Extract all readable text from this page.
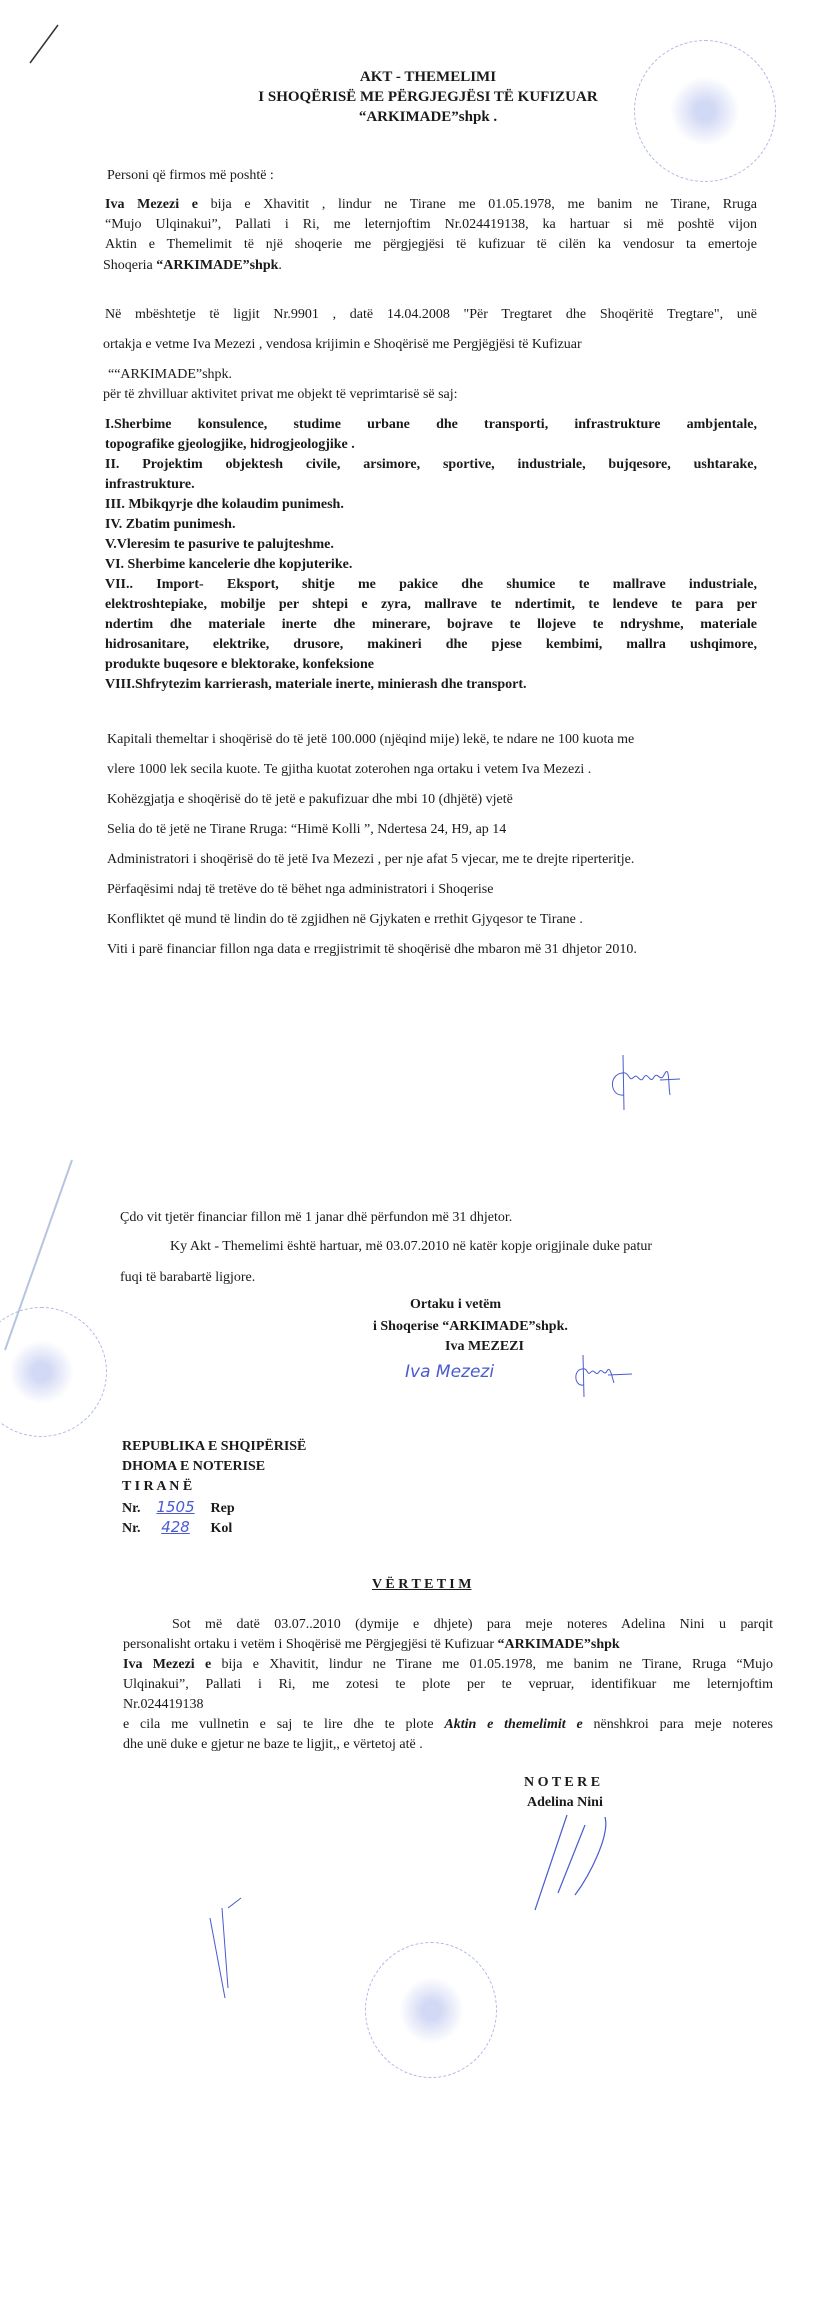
AKT - THEMELIMI
I SHOQËRISË ME PËRGJEGJËSI TË KUFIZUAR
“ARKIMADE”shpk .
Personi që firmos më poshtë :
Iva Mezezi e bija e Xhavitit , lindur ne Tirane me 01.05.1978, me banim ne Tirane, Rruga
“Mujo Ulqinakui”, Pallati i Ri, me leternjoftim Nr.024419138, ka hartuar si më poshtë vijon
Aktin e Themelimit të një shoqerie me përgjegjësi të kufizuar të cilën ka vendosur ta emertoje
Shoqeria “ARKIMADE”shpk.
Në mbështetje të ligjit Nr.9901 , datë 14.04.2008 "Për Tregtaret dhe Shoqëritë Tregtare", unë
ortakja e vetme Iva Mezezi , vendosa krijimin e Shoqërisë me Pergjëgjësi të Kufizuar
““ARKIMADE”shpk.
për të zhvilluar aktivitet privat me objekt të veprimtarisë së saj:
I.Sherbime konsulence, studime urbane dhe transporti, infrastrukture ambjentale,
topografike gjeologjike, hidrogjeologjike .
II. Projektim objektesh civile, arsimore, sportive, industriale, bujqesore, ushtarake,
infrastrukture.
III. Mbikqyrje dhe kolaudim punimesh.
IV. Zbatim punimesh.
V.Vleresim te pasurive te palujteshme.
VI. Sherbime kancelerie dhe kopjuterike.
VII.. Import- Eksport, shitje me pakice dhe shumice te mallrave industriale,
elektroshtepiake, mobilje per shtepi e zyra, mallrave te ndertimit, te lendeve te para per
ndertim dhe materiale inerte dhe minerare, bojrave te llojeve te ndryshme, materiale
hidrosanitare, elektrike, drusore, makineri dhe pjese kembimi, mallra ushqimore,
produkte buqesore e blektorake, konfeksione
VIII.Shfrytezim karrierash, materiale inerte, minierash dhe transport.
Kapitali themeltar i shoqërisë do të jetë 100.000 (njëqind mije) lekë, te ndare ne 100 kuota me
vlere 1000 lek secila kuote. Te gjitha kuotat zoterohen nga ortaku i vetem Iva Mezezi .
Kohëzgjatja e shoqërisë do të jetë e pakufizuar dhe mbi 10 (dhjëtë) vjetë
Selia do të jetë ne Tirane Rruga: “Himë Kolli ”, Ndertesa 24, H9, ap 14
Administratori i shoqërisë do të jetë Iva Mezezi , per nje afat 5 vjecar, me te drejte riperteritje.
Përfaqësimi ndaj të tretëve do të bëhet nga administratori i Shoqerise
Konfliktet që mund të lindin do të zgjidhen në Gjykaten e rrethit Gjyqesor te Tirane .
Viti i parë financiar fillon nga data e rregjistrimit të shoqërisë dhe mbaron më 31 dhjetor 2010.
Çdo vit tjetër financiar fillon më 1 janar dhë përfundon më 31 dhjetor.
Ky Akt - Themelimi është hartuar, më 03.07.2010 në katër kopje origjinale duke patur
fuqi të barabartë ligjore.
Ortaku i vetëm
i Shoqerise “ARKIMADE”shpk.
Iva MEZEZI
Iva Mezezi
REPUBLIKA E SHQIPËRISË
DHOMA E NOTERISE
T I R A N Ë
Nr. 1505 Rep
Nr. 428 Kol
V Ë R T E T I M
Sot më datë 03.07..2010 (dymije e dhjete) para meje noteres Adelina Nini u parqit
personalisht ortaku i vetëm i Shoqërisë me Përgjegjësi të Kufizuar “ARKIMADE”shpk
Iva Mezezi e bija e Xhavitit, lindur ne Tirane me 01.05.1978, me banim ne Tirane, Rruga “Mujo
Ulqinakui”, Pallati i Ri, me zotesi te plote per te vepruar, identifikuar me leternjoftim
Nr.024419138
e cila me vullnetin e saj te lire dhe te plote Aktin e themelimit e nënshkroi para meje noteres
dhe unë duke e gjetur ne baze te ligjit,, e vërtetoj atë .
N O T E R E
Adelina Nini
